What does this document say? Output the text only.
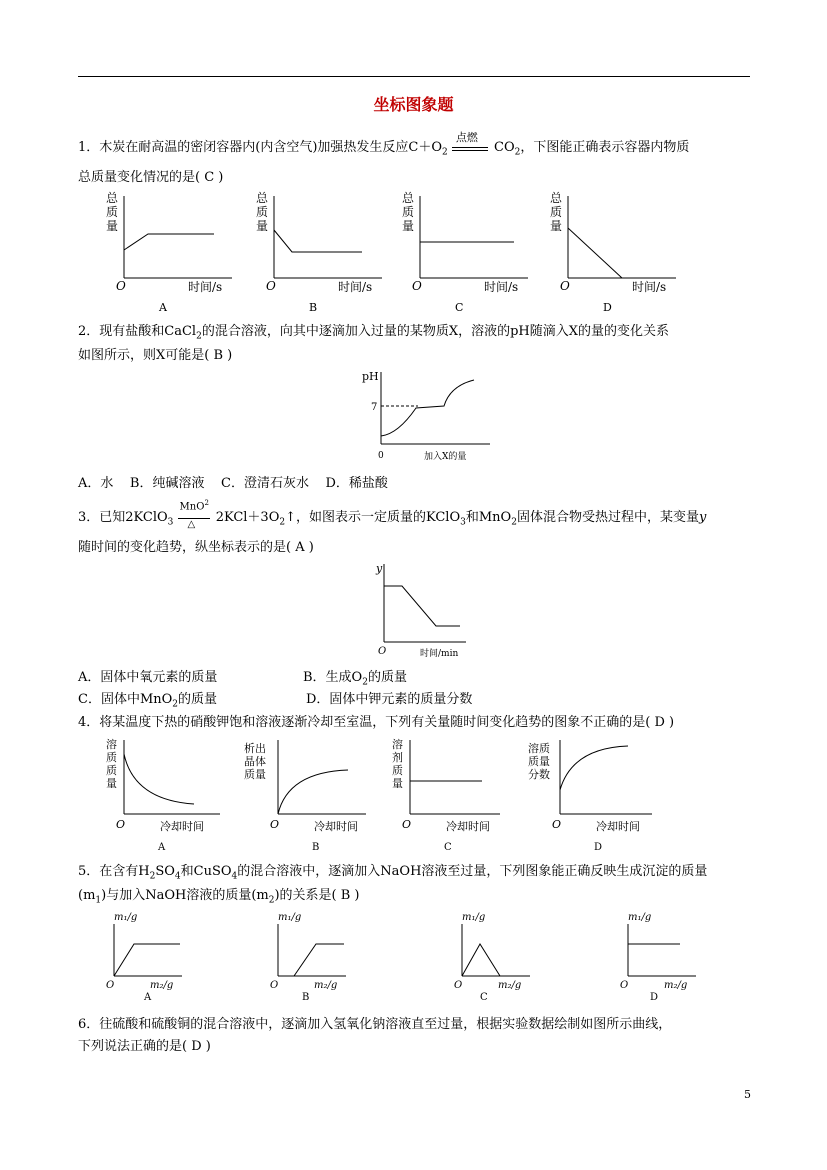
坐标图象题
1．木炭在耐高温的密闭容器内(内含空气)加强热发生反应$C+O_2$
点燃
$CO_2$，下图能正确表示容器内物质
总质量变化情况的是( C )
总
质
量
O	时间/s
A
总
质
量
O	时间/s
B
总
质
量
O	时间/s
C
总
质
量
O	时间/s
D
2．现有盐酸和CaCl$_2$的混合溶液，向其中逐滴加入过量的某物质X，溶液的pH随滴入X的量的变化关系
如图所示，则X可能是( B )
pH
7
0	加入X的量
A．水 B．纯碱溶液 C．澄清石灰水 D．稀盐酸
3．已知2KClO$_3$ $\frac{MnO^2}{\triangle}$ $2KCl+3O_2↑$，如图表示一定质量的KClO$_3$和MnO$_2$固体混合物受热过程中，某变量y
随时间的变化趋势，纵坐标表示的是( A )
y
O	时间/min
A．固体中氧元素的质量	B．生成$O_2$的质量
C．固体中MnO$_2$的质量	D．固体中钾元素的质量分数
4．将某温度下热的硝酸钾饱和溶液逐渐冷却至室温，下列有关量随时间变化趋势的图象不正确的是( D )
溶
质
质
量
O	冷却时间
A
析出
晶体
质量
O	冷却时间
B
溶
剂
质
量
O	冷却时间
C
溶质
质量
分数
O	冷却时间
D
5．在含有$H_2SO_4$和CuSO$_4$的混合溶液中，逐滴加入NaOH溶液至过量，下列图象能正确反映生成沉淀的质量
$(m_1)$与加入NaOH溶液的质量$(m_2)$的关系是( B )
m₁/g
O	m₂/g
A
m₁/g
O	m₂/g
B
m₁/g
O	m₂/g
C
m₁/g
O	m₂/g
D
6．往硫酸和硫酸铜的混合溶液中，逐滴加入氢氧化钠溶液直至过量，根据实验数据绘制如图所示曲线，
下列说法正确的是( D )
5
